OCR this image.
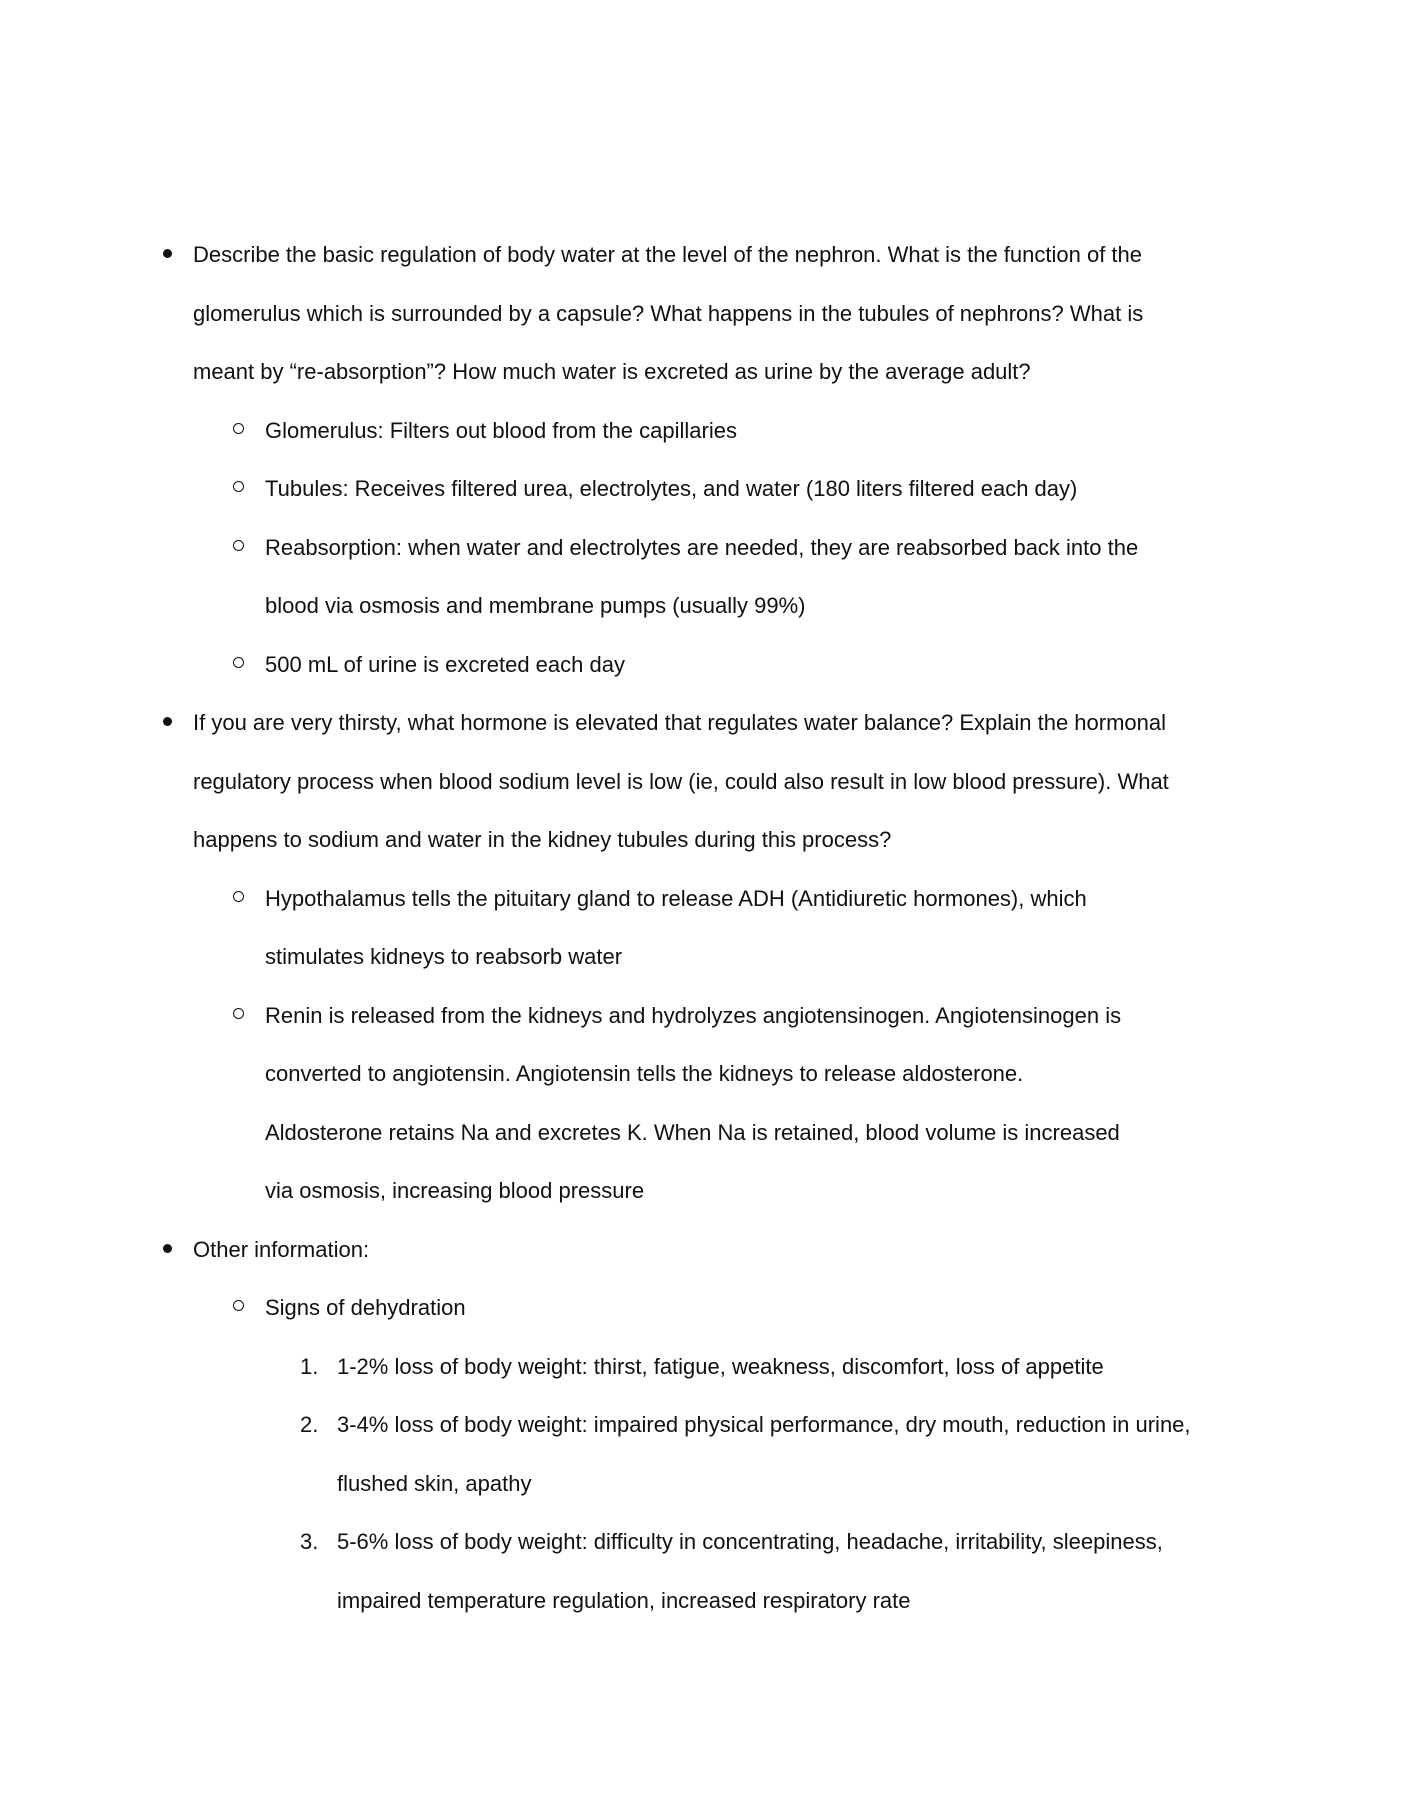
Describe the basic regulation of body water at the level of the nephron. What is the function of the glomerulus which is surrounded by a capsule? What happens in the tubules of nephrons? What is meant by “re-absorption”? How much water is excreted as urine by the average adult?
Glomerulus: Filters out blood from the capillaries
Tubules: Receives filtered urea, electrolytes, and water (180 liters filtered each day)
Reabsorption: when water and electrolytes are needed, they are reabsorbed back into the blood via osmosis and membrane pumps (usually 99%)
500 mL of urine is excreted each day
If you are very thirsty, what hormone is elevated that regulates water balance? Explain the hormonal regulatory process when blood sodium level is low (ie, could also result in low blood pressure). What happens to sodium and water in the kidney tubules during this process?
Hypothalamus tells the pituitary gland to release ADH (Antidiuretic hormones), which stimulates kidneys to reabsorb water
Renin is released from the kidneys and hydrolyzes angiotensinogen. Angiotensinogen is converted to angiotensin. Angiotensin tells the kidneys to release aldosterone. Aldosterone retains Na and excretes K. When Na is retained, blood volume is increased via osmosis, increasing blood pressure
Other information:
Signs of dehydration
1. 1-2% loss of body weight: thirst, fatigue, weakness, discomfort, loss of appetite
2. 3-4% loss of body weight: impaired physical performance, dry mouth, reduction in urine, flushed skin, apathy
3. 5-6% loss of body weight: difficulty in concentrating, headache, irritability, sleepiness, impaired temperature regulation, increased respiratory rate
